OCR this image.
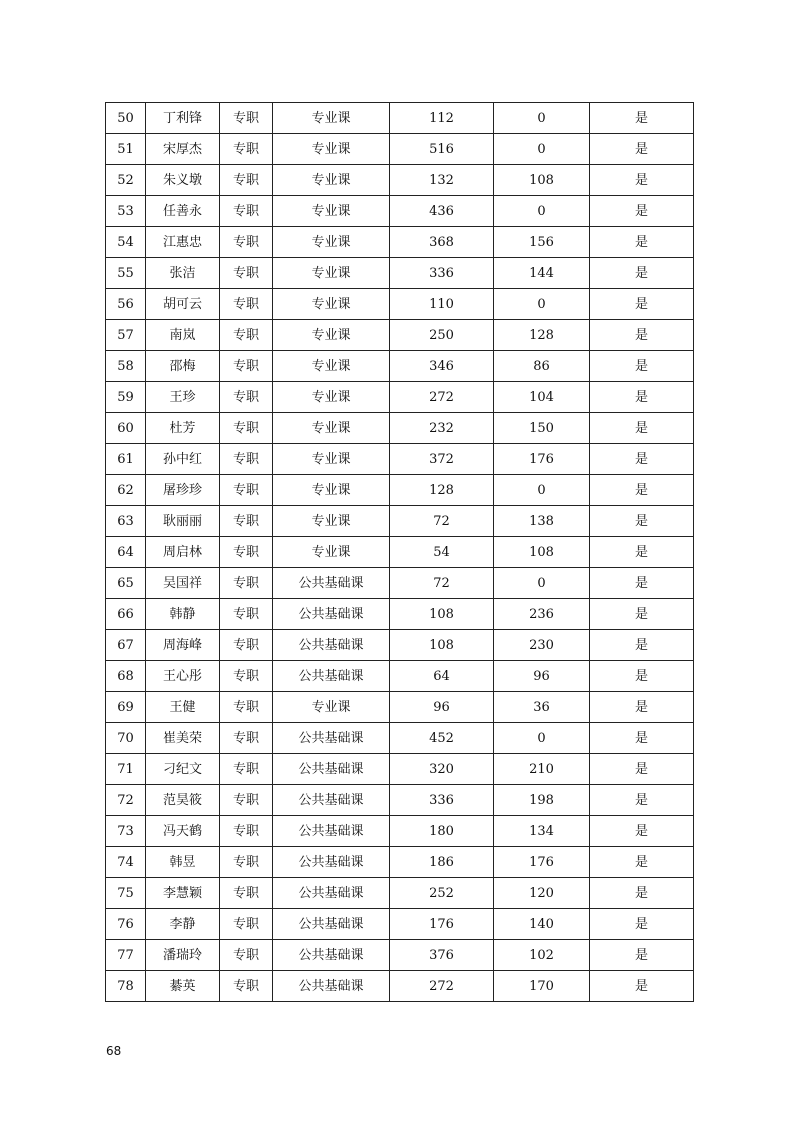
50	丁利锋	专职	专业课	112	0	是
51	宋厚杰	专职	专业课	516	0	是
52	朱义墩	专职	专业课	132	108	是
53	任善永	专职	专业课	436	0	是
54	江惠忠	专职	专业课	368	156	是
55	张洁	专职	专业课	336	144	是
56	胡可云	专职	专业课	110	0	是
57	南岚	专职	专业课	250	128	是
58	邵梅	专职	专业课	346	86	是
59	王珍	专职	专业课	272	104	是
60	杜芳	专职	专业课	232	150	是
61	孙中红	专职	专业课	372	176	是
62	屠珍珍	专职	专业课	128	0	是
63	耿丽丽	专职	专业课	72	138	是
64	周启林	专职	专业课	54	108	是
65	吴国祥	专职	公共基础课	72	0	是
66	韩静	专职	公共基础课	108	236	是
67	周海峰	专职	公共基础课	108	230	是
68	王心彤	专职	公共基础课	64	96	是
69	王健	专职	专业课	96	36	是
70	崔美荣	专职	公共基础课	452	0	是
71	刁纪文	专职	公共基础课	320	210	是
72	范昊筱	专职	公共基础课	336	198	是
73	冯天鹤	专职	公共基础课	180	134	是
74	韩昱	专职	公共基础课	186	176	是
75	李慧颖	专职	公共基础课	252	120	是
76	李静	专职	公共基础课	176	140	是
77	潘瑞玲	专职	公共基础课	376	102	是
78	綦英	专职	公共基础课	272	170	是
68
